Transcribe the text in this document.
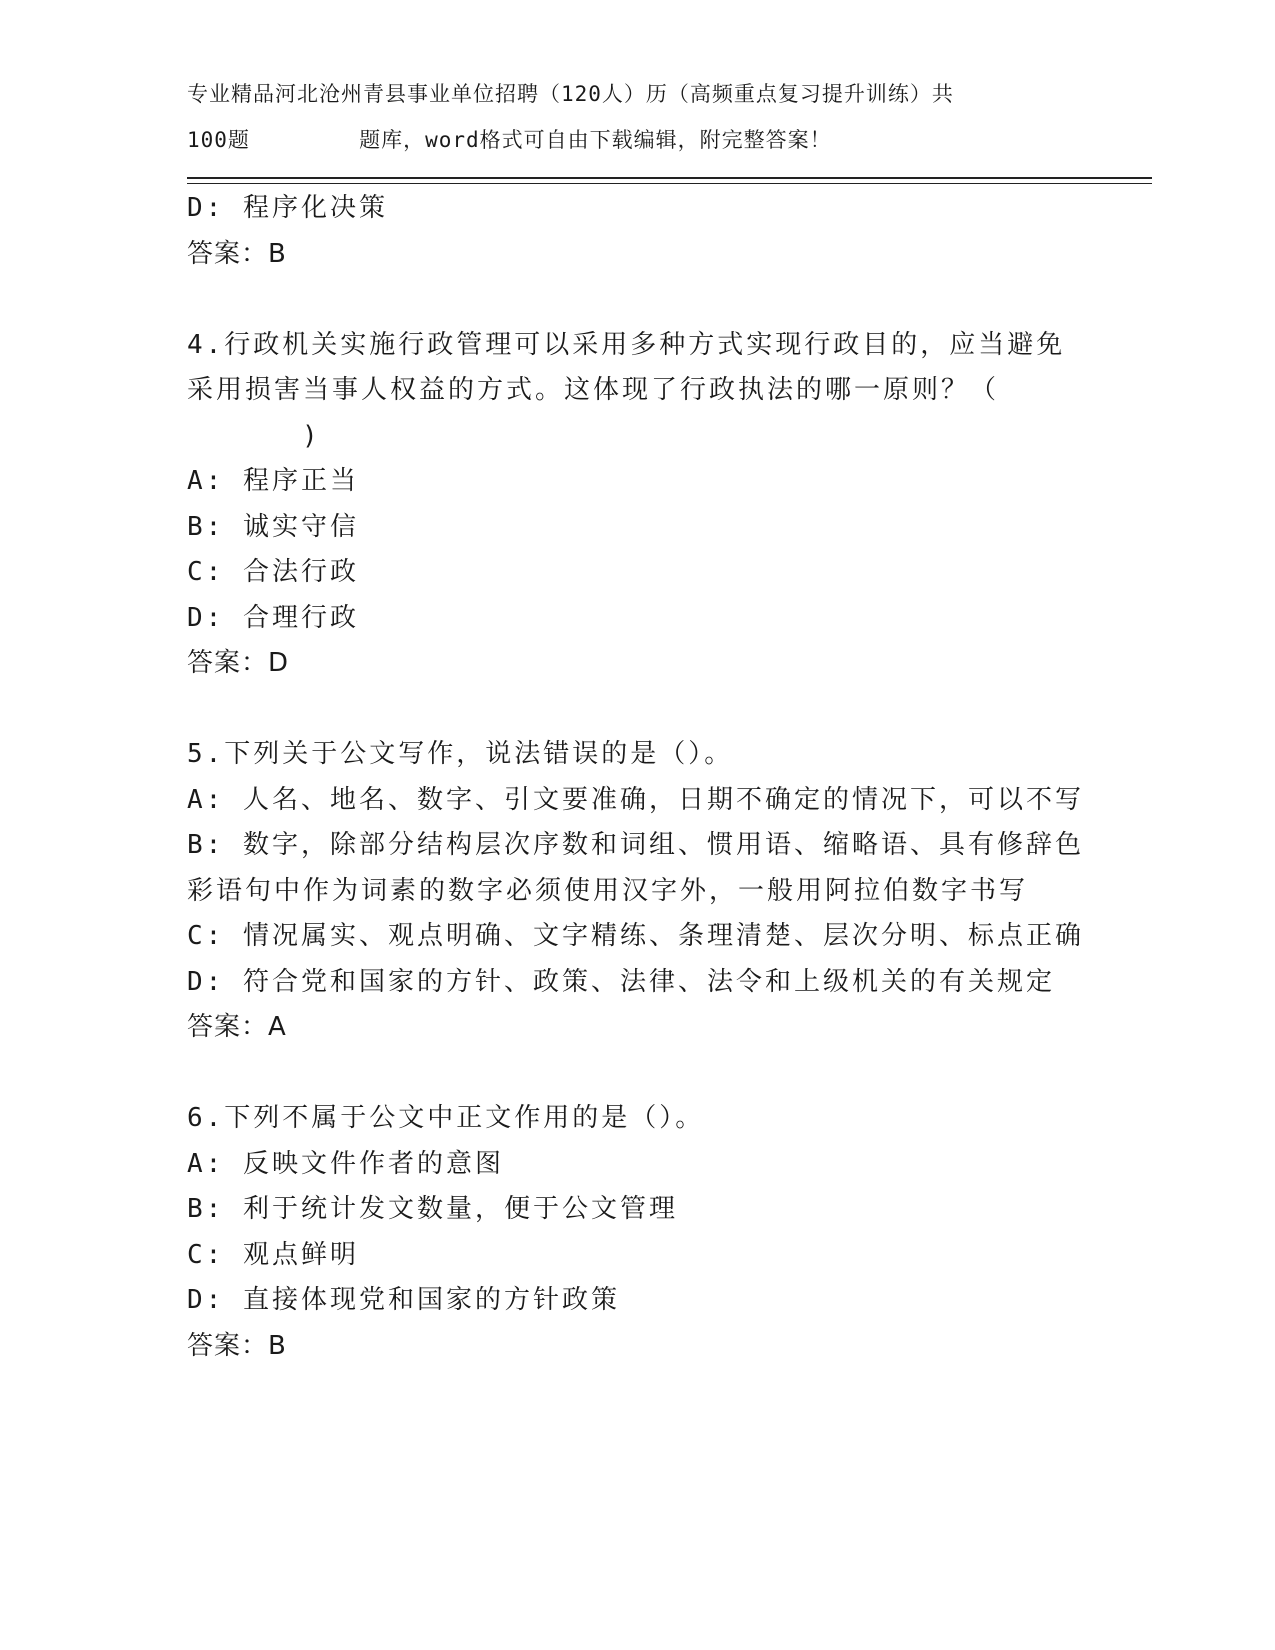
专业精品河北沧州青县事业单位招聘（120人）历（高频重点复习提升训练）共
100题        题库，word格式可自由下载编辑，附完整答案！
D: 程序化决策
答案：B
4.行政机关实施行政管理可以采用多种方式实现行政目的，应当避免
采用损害当事人权益的方式。这体现了行政执法的哪一原则？（
)
A: 程序正当
B: 诚实守信
C: 合法行政
D: 合理行政
答案：D
5.下列关于公文写作，说法错误的是（）。
A: 人名、地名、数字、引文要准确，日期不确定的情况下，可以不写
B: 数字，除部分结构层次序数和词组、惯用语、缩略语、具有修辞色
彩语句中作为词素的数字必须使用汉字外，一般用阿拉伯数字书写
C: 情况属实、观点明确、文字精练、条理清楚、层次分明、标点正确
D: 符合党和国家的方针、政策、法律、法令和上级机关的有关规定
答案：A
6.下列不属于公文中正文作用的是（）。
A: 反映文件作者的意图
B: 利于统计发文数量，便于公文管理
C: 观点鲜明
D: 直接体现党和国家的方针政策
答案：B
